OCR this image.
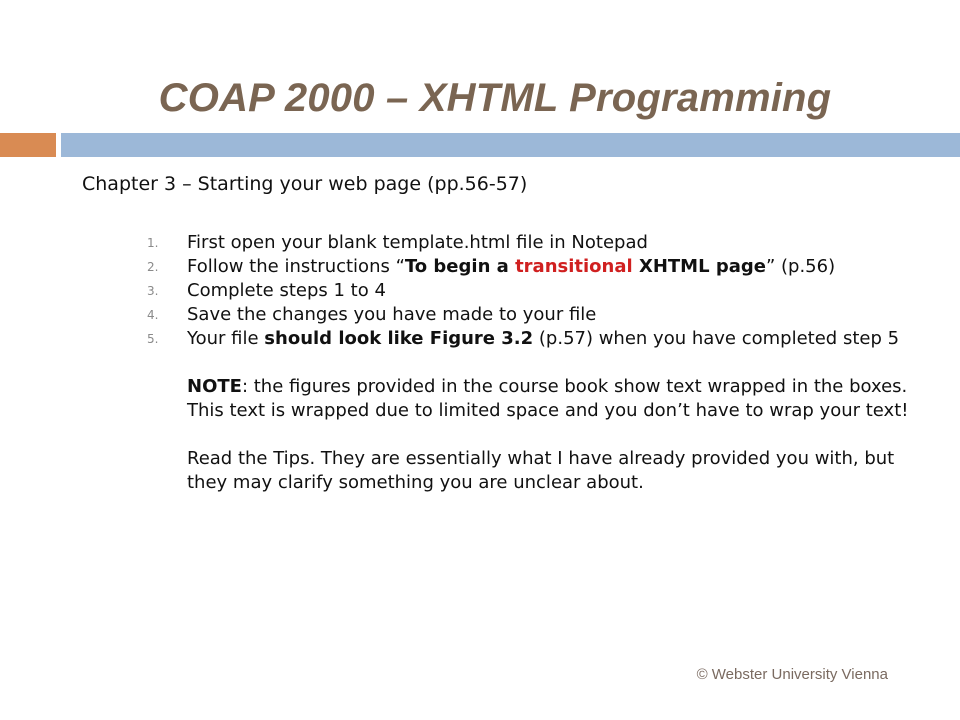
COAP 2000 – XHTML Programming
Chapter 3 – Starting your web page (pp.56-57)
1. First open your blank template.html file in Notepad
2. Follow the instructions “To begin a transitional XHTML page” (p.56)
3. Complete steps 1 to 4
4. Save the changes you have made to your file
5. Your file should look like Figure 3.2 (p.57) when you have completed step 5
NOTE: the figures provided in the course book show text wrapped in the boxes. This text is wrapped due to limited space and you don’t have to wrap your text!
Read the Tips. They are essentially what I have already provided you with, but they may clarify something you are unclear about.
© Webster University Vienna
